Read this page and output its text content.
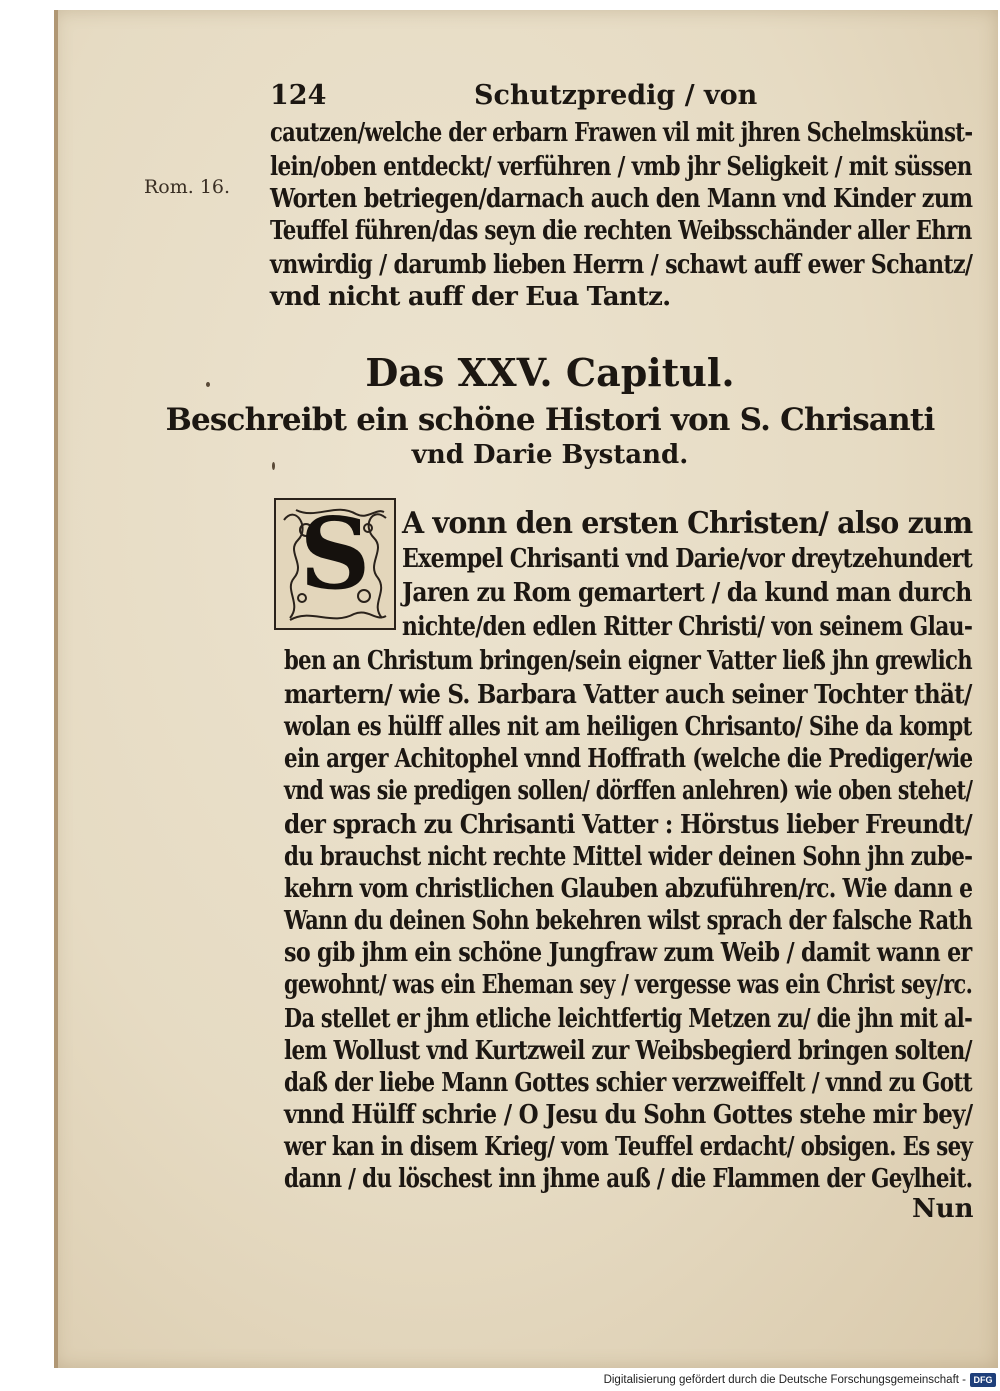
124	Schutzpredig / von
Rom. 16.
cautzen/welche der erbarn Frawen vil mit jhren Schelmskünst-
lein/oben entdeckt/ verführen / vmb jhr Seligkeit / mit süssen
Worten betriegen/darnach auch den Mann vnd Kinder zum
Teuffel führen/das seyn die rechten Weibsschänder aller Ehrn
vnwirdig / darumb lieben Herrn / schawt auff ewer Schantz/
vnd nicht auff der Eua Tantz.
Das XXV. Capitul.
Beschreibt ein schöne Histori von S. Chrisanti
vnd Darie Bystand.
S	A vonn den ersten Christen/ also zum
Exempel Chrisanti vnd Darie/vor dreytzehundert
Jaren zu Rom gemartert / da kund man durch
nichte/den edlen Ritter Christi/ von seinem Glau-
ben an Christum bringen/sein eigner Vatter ließ jhn grewlich
martern/ wie S. Barbara Vatter auch seiner Tochter thät/
wolan es hülff alles nit am heiligen Chrisanto/ Sihe da kompt
ein arger Achitophel vnnd Hoffrath (welche die Prediger/wie
vnd was sie predigen sollen/ dörffen anlehren) wie oben stehet/
der sprach zu Chrisanti Vatter : Hörstus lieber Freundt/
du brauchst nicht rechte Mittel wider deinen Sohn jhn zube-
kehrn vom christlichen Glauben abzuführen/rc. Wie dann e
Wann du deinen Sohn bekehren wilst sprach der falsche Rath
so gib jhm ein schöne Jungfraw zum Weib / damit wann er
gewohnt/ was ein Eheman sey / vergesse was ein Christ sey/rc.
Da stellet er jhm etliche leichtfertig Metzen zu/ die jhn mit al-
lem Wollust vnd Kurtzweil zur Weibsbegierd bringen solten/
daß der liebe Mann Gottes schier verzweiffelt / vnnd zu Gott
vnnd Hülff schrie / O Jesu du Sohn Gottes stehe mir bey/
wer kan in disem Krieg/ vom Teuffel erdacht/ obsigen. Es sey
dann / du löschest inn jhme auß / die Flammen der Geylheit.
Nun
Digitalisierung gefördert durch die Deutsche Forschungsgemeinschaft - DFG
